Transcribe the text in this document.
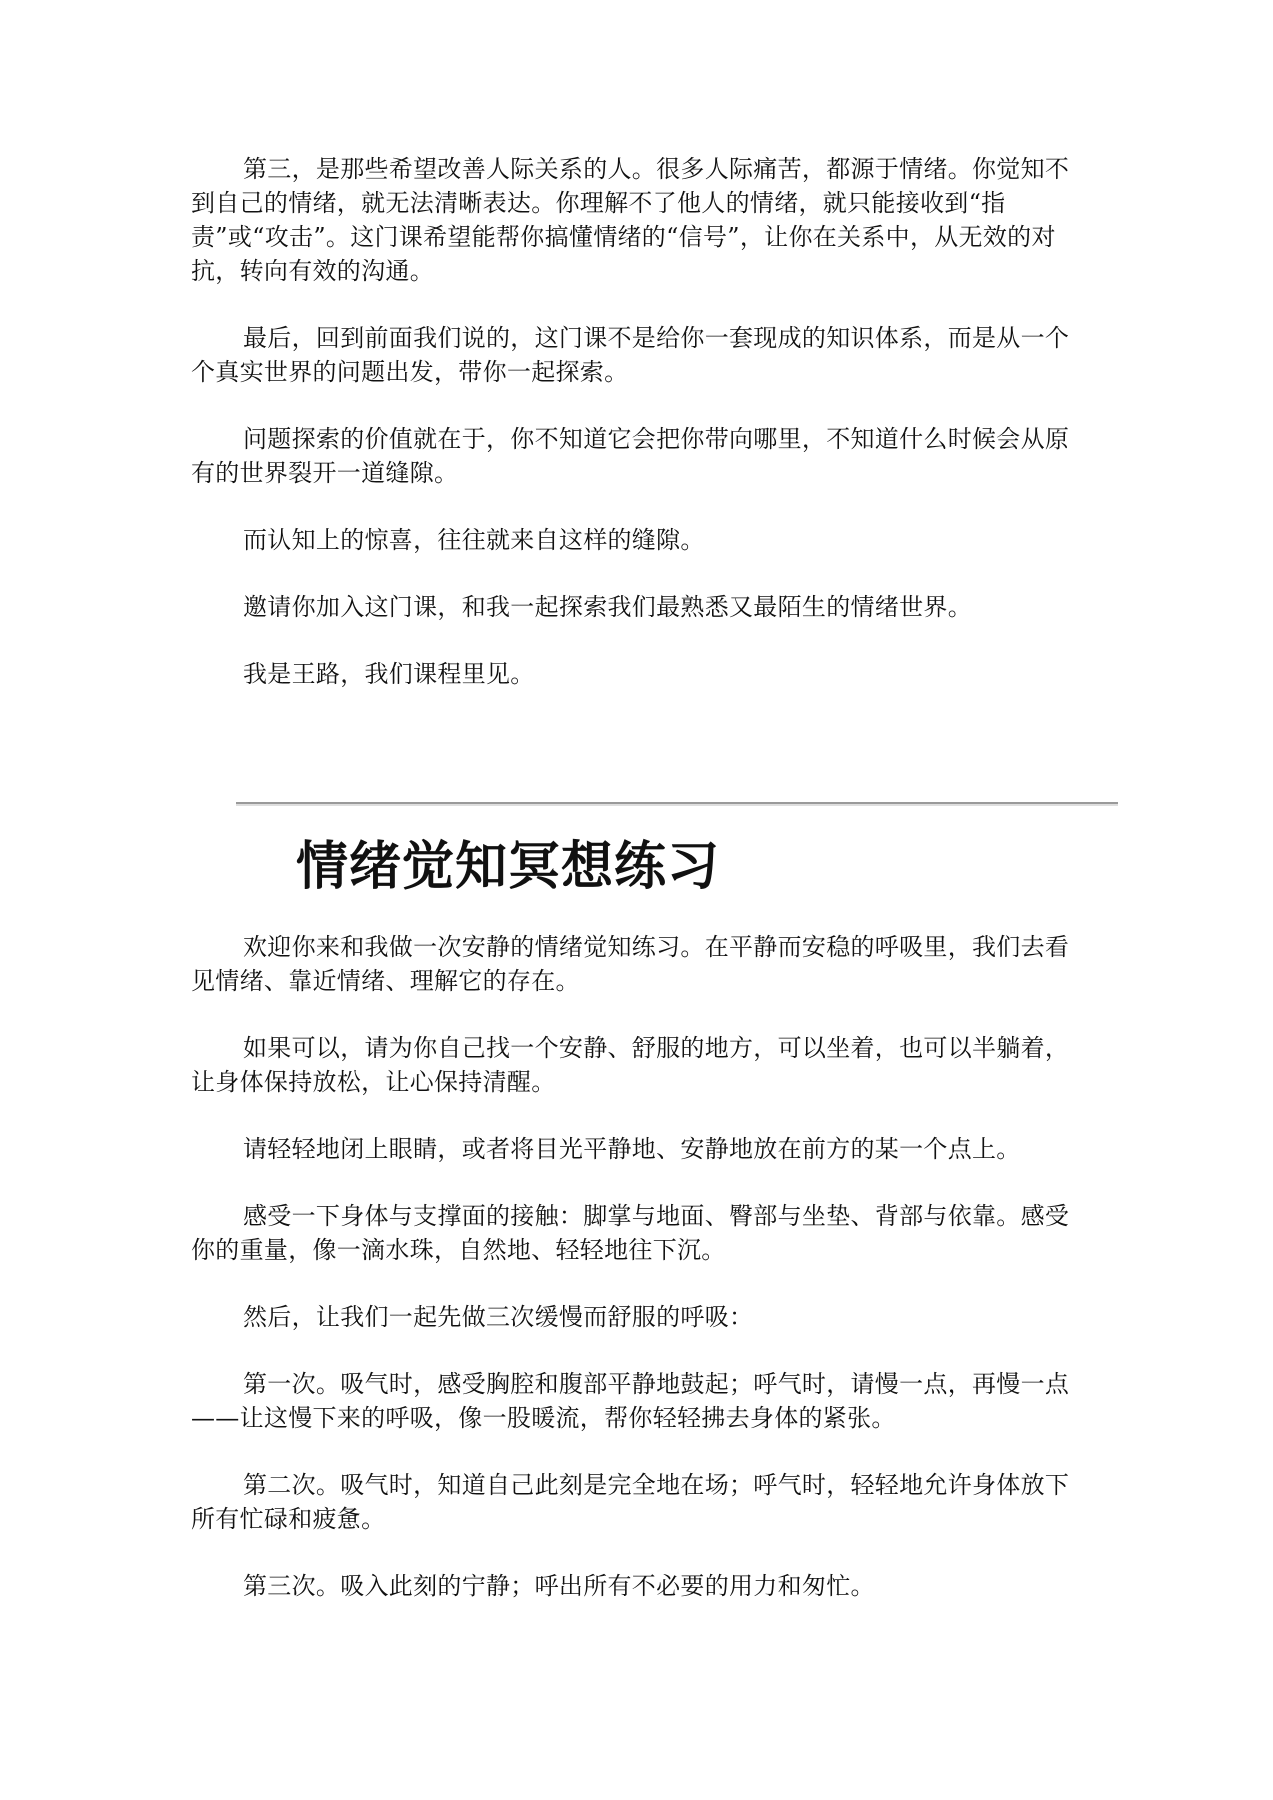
第三，是那些希望改善人际关系的人。很多人际痛苦，都源于情绪。你觉知不到自己的情绪，就无法清晰表达。你理解不了他人的情绪，就只能接收到“指责”或“攻击”。这门课希望能帮你搞懂情绪的“信号”，让你在关系中，从无效的对抗，转向有效的沟通。

最后，回到前面我们说的，这门课不是给你一套现成的知识体系，而是从一个个真实世界的问题出发，带你一起探索。

问题探索的价值就在于，你不知道它会把你带向哪里，不知道什么时候会从原有的世界裂开一道缝隙。

而认知上的惊喜，往往就来自这样的缝隙。

邀请你加入这门课，和我一起探索我们最熟悉又最陌生的情绪世界。

我是王路，我们课程里见。

情绪觉知冥想练习

欢迎你来和我做一次安静的情绪觉知练习。在平静而安稳的呼吸里，我们去看见情绪、靠近情绪、理解它的存在。

如果可以，请为你自己找一个安静、舒服的地方，可以坐着，也可以半躺着，让身体保持放松，让心保持清醒。

请轻轻地闭上眼睛，或者将目光平静地、安静地放在前方的某一个点上。

感受一下身体与支撑面的接触：脚掌与地面、臀部与坐垫、背部与依靠。感受你的重量，像一滴水珠，自然地、轻轻地往下沉。

然后，让我们一起先做三次缓慢而舒服的呼吸：

第一次。吸气时，感受胸腔和腹部平静地鼓起；呼气时，请慢一点，再慢一点——让这慢下来的呼吸，像一股暖流，帮你轻轻拂去身体的紧张。

第二次。吸气时，知道自己此刻是完全地在场；呼气时，轻轻地允许身体放下所有忙碌和疲惫。

第三次。吸入此刻的宁静；呼出所有不必要的用力和匆忙。
